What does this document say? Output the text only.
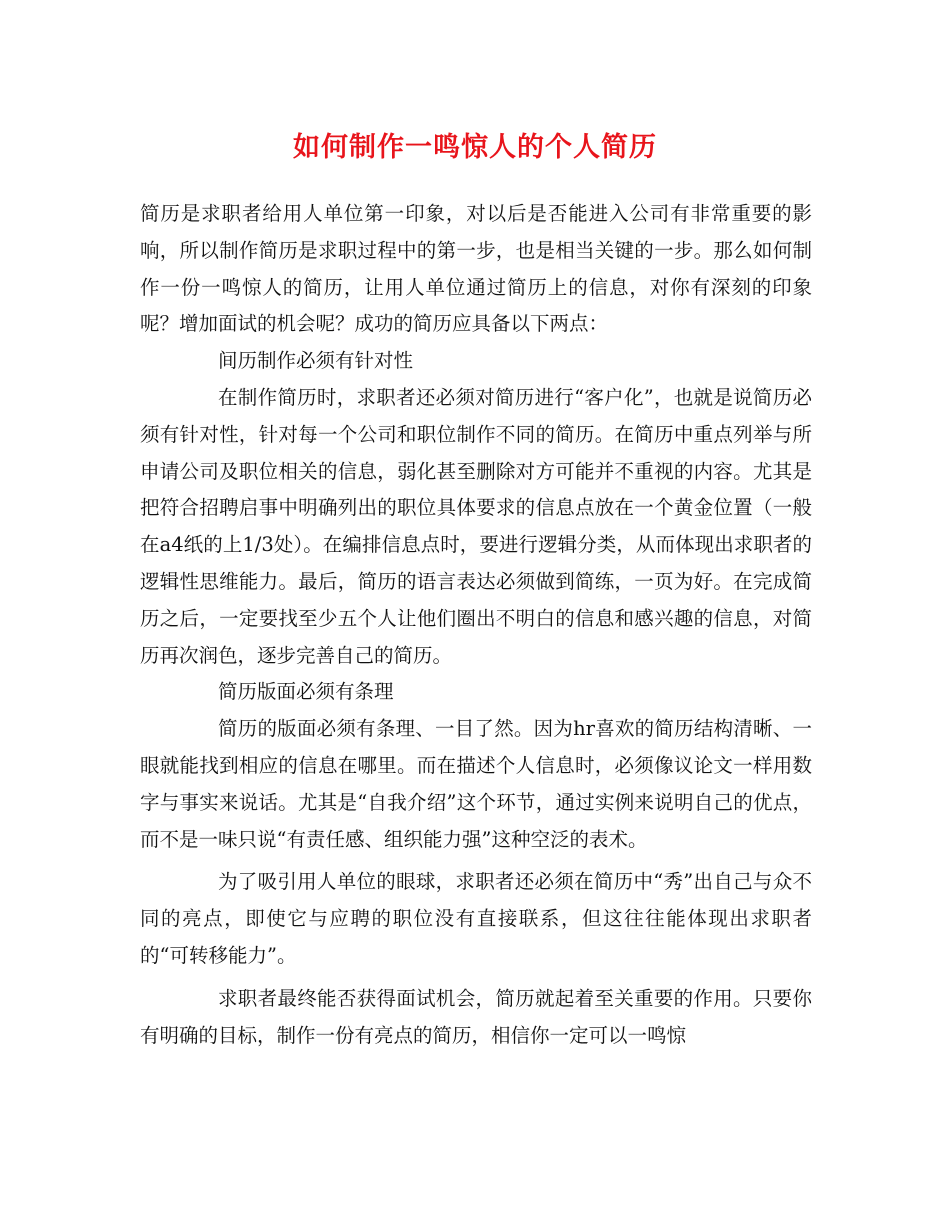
如何制作一鸣惊人的个人简历

简历是求职者给用人单位第一印象，对以后是否能进入公司有非常重要的影响，所以制作简历是求职过程中的第一步，也是相当关键的一步。那么如何制作一份一鸣惊人的简历，让用人单位通过简历上的信息，对你有深刻的印象呢？增加面试的机会呢？成功的简历应具备以下两点：

间历制作必须有针对性

在制作简历时，求职者还必须对简历进行“客户化”，也就是说简历必须有针对性，针对每一个公司和职位制作不同的简历。在简历中重点列举与所申请公司及职位相关的信息，弱化甚至删除对方可能并不重视的内容。尤其是把符合招聘启事中明确列出的职位具体要求的信息点放在一个黄金位置（一般在a4纸的上1/3处）。在编排信息点时，要进行逻辑分类，从而体现出求职者的逻辑性思维能力。最后，简历的语言表达必须做到简练，一页为好。在完成简历之后，一定要找至少五个人让他们圈出不明白的信息和感兴趣的信息，对简历再次润色，逐步完善自己的简历。

简历版面必须有条理

简历的版面必须有条理、一目了然。因为hr喜欢的简历结构清晰、一眼就能找到相应的信息在哪里。而在描述个人信息时，必须像议论文一样用数字与事实来说话。尤其是“自我介绍”这个环节，通过实例来说明自己的优点，而不是一味只说“有责任感、组织能力强”这种空泛的表术。

为了吸引用人单位的眼球，求职者还必须在简历中“秀”出自己与众不同的亮点，即使它与应聘的职位没有直接联系，但这往往能体现出求职者的“可转移能力”。

求职者最终能否获得面试机会，简历就起着至关重要的作用。只要你有明确的目标，制作一份有亮点的简历，相信你一定可以一鸣惊
